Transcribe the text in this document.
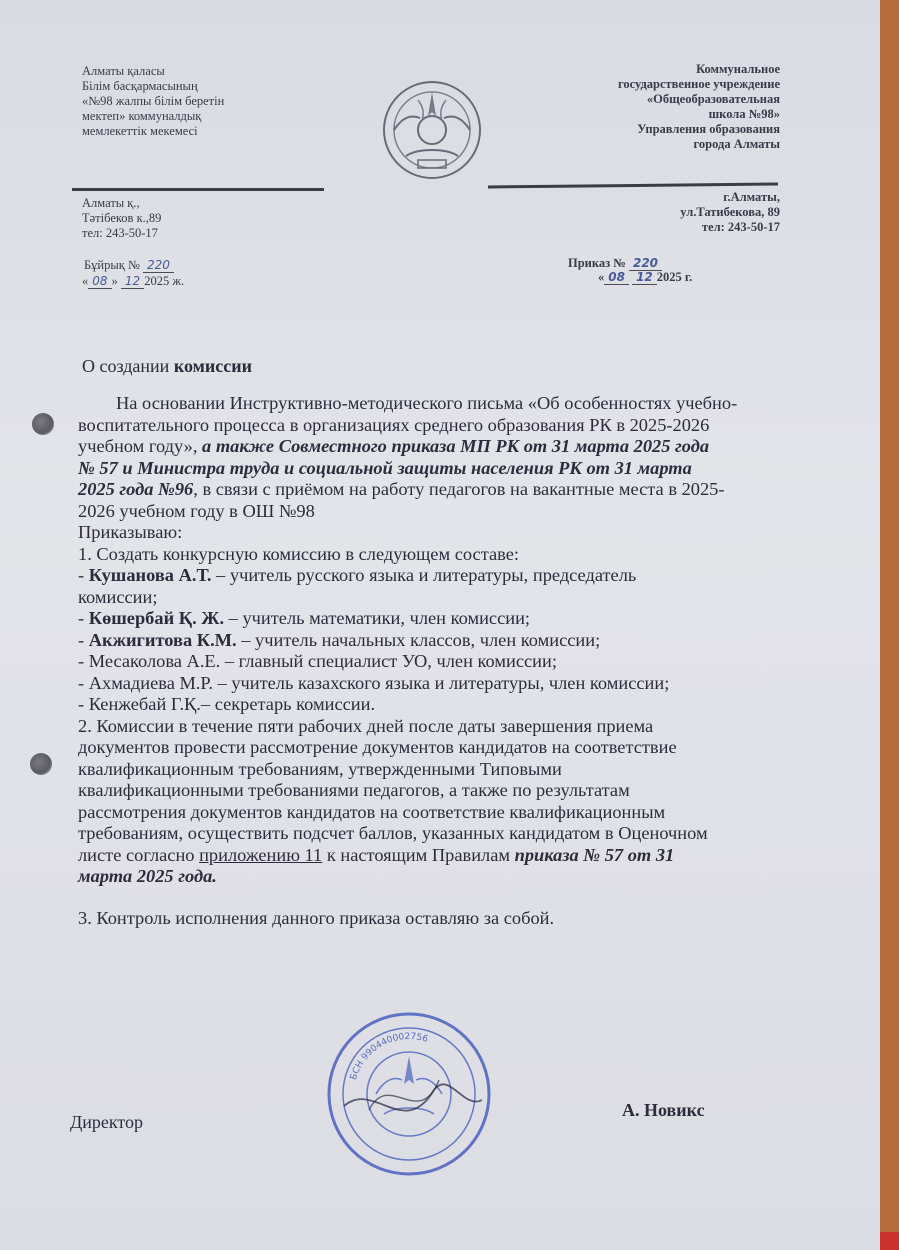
Алматы қаласы
Білім басқармасының
«№98 жалпы білім беретін
мектеп» коммуналдық
мемлекеттік мекемесі
Коммунальное
государственное учреждение
«Общеобразовательная
школа №98»
Управления образования
города Алматы
Алматы қ.,
Тәтібеков к.,89
тел: 243-50-17
г.Алматы,
ул.Татибекова, 89
тел: 243-50-17
Бұйрық № 220
« 08 » 12 2025 ж.
Приказ № 220
« 08 12 2025 г.
О создании комиссии

На основании Инструктивно-методического письма «Об особенностях учебно-
воспитательного процесса в организациях среднего образования РК в 2025-2026
учебном году», а также Совместного приказа МП РК от 31 марта 2025 года
№ 57 и Министра труда и социальной защиты населения РК от 31 марта
2025 года №96, в связи с приёмом на работу педагогов на вакантные места в 2025-
2026 учебном году в ОШ №98

Приказываю:
1. Создать конкурсную комиссию в следующем составе:
- Кушанова А.Т. – учитель русского языка и литературы, председатель
комиссии;
- Көшербай Қ. Ж. – учитель математики, член комиссии;
- Акжигитова К.М. – учитель начальных классов, член комиссии;
- Месаколова А.Е. – главный специалист УО, член комиссии;
- Ахмадиева М.Р. – учитель казахского языка и литературы, член комиссии;
- Кенжебай Г.Қ.– секретарь комиссии.

2. Комиссии в течение пяти рабочих дней после даты завершения приема
документов провести рассмотрение документов кандидатов на соответствие
квалификационным требованиям, утвержденными Типовыми
квалификационными требованиями педагогов, а также по результатам
рассмотрения документов кандидатов на соответствие квалификационным
требованиям, осуществить подсчет баллов, указанных кандидатом в Оценочном
листе согласно приложению 11 к настоящим Правилам приказа № 57 от 31
марта 2025 года.

3. Контроль исполнения данного приказа оставляю за собой.
БСН 990440002756
Директор
А. Новикс
